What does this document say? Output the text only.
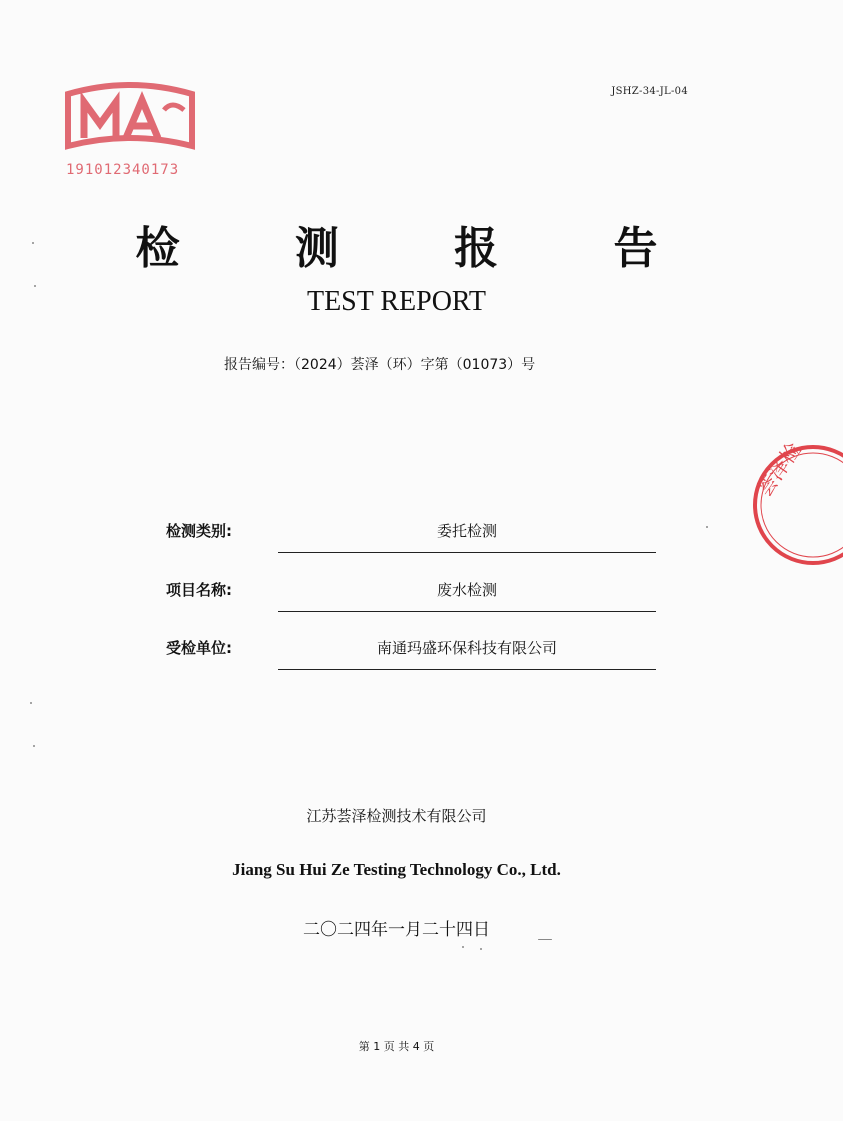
JSHZ-34-JL-04
191012340173
检 测 报 告
TEST REPORT
报告编号：（2024）荟泽（环）字第（01073）号
检测类别:	委托检测
项目名称:	废水检测
受检单位:	南通玛盛环保科技有限公司
江苏荟泽检测技术有限公司
Jiang Su Hui Ze Testing Technology Co., Ltd.
二〇二四年一月二十四日
第 1 页 共 4 页
荟泽检
